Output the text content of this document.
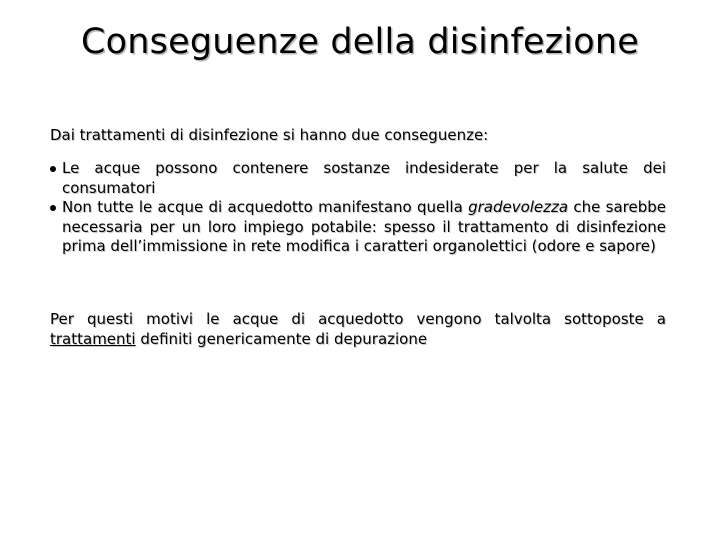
Conseguenze della disinfezione
Dai trattamenti di disinfezione si hanno due conseguenze:
Le acque possono contenere sostanze indesiderate per la salute dei consumatori
Non tutte le acque di acquedotto manifestano quella gradevolezza che sarebbe necessaria per un loro impiego potabile: spesso il trattamento di disinfezione prima dell’immissione in rete modifica i caratteri organolettici (odore e sapore)
Per questi motivi le acque di acquedotto vengono talvolta sottoposte a trattamenti definiti genericamente di depurazione
